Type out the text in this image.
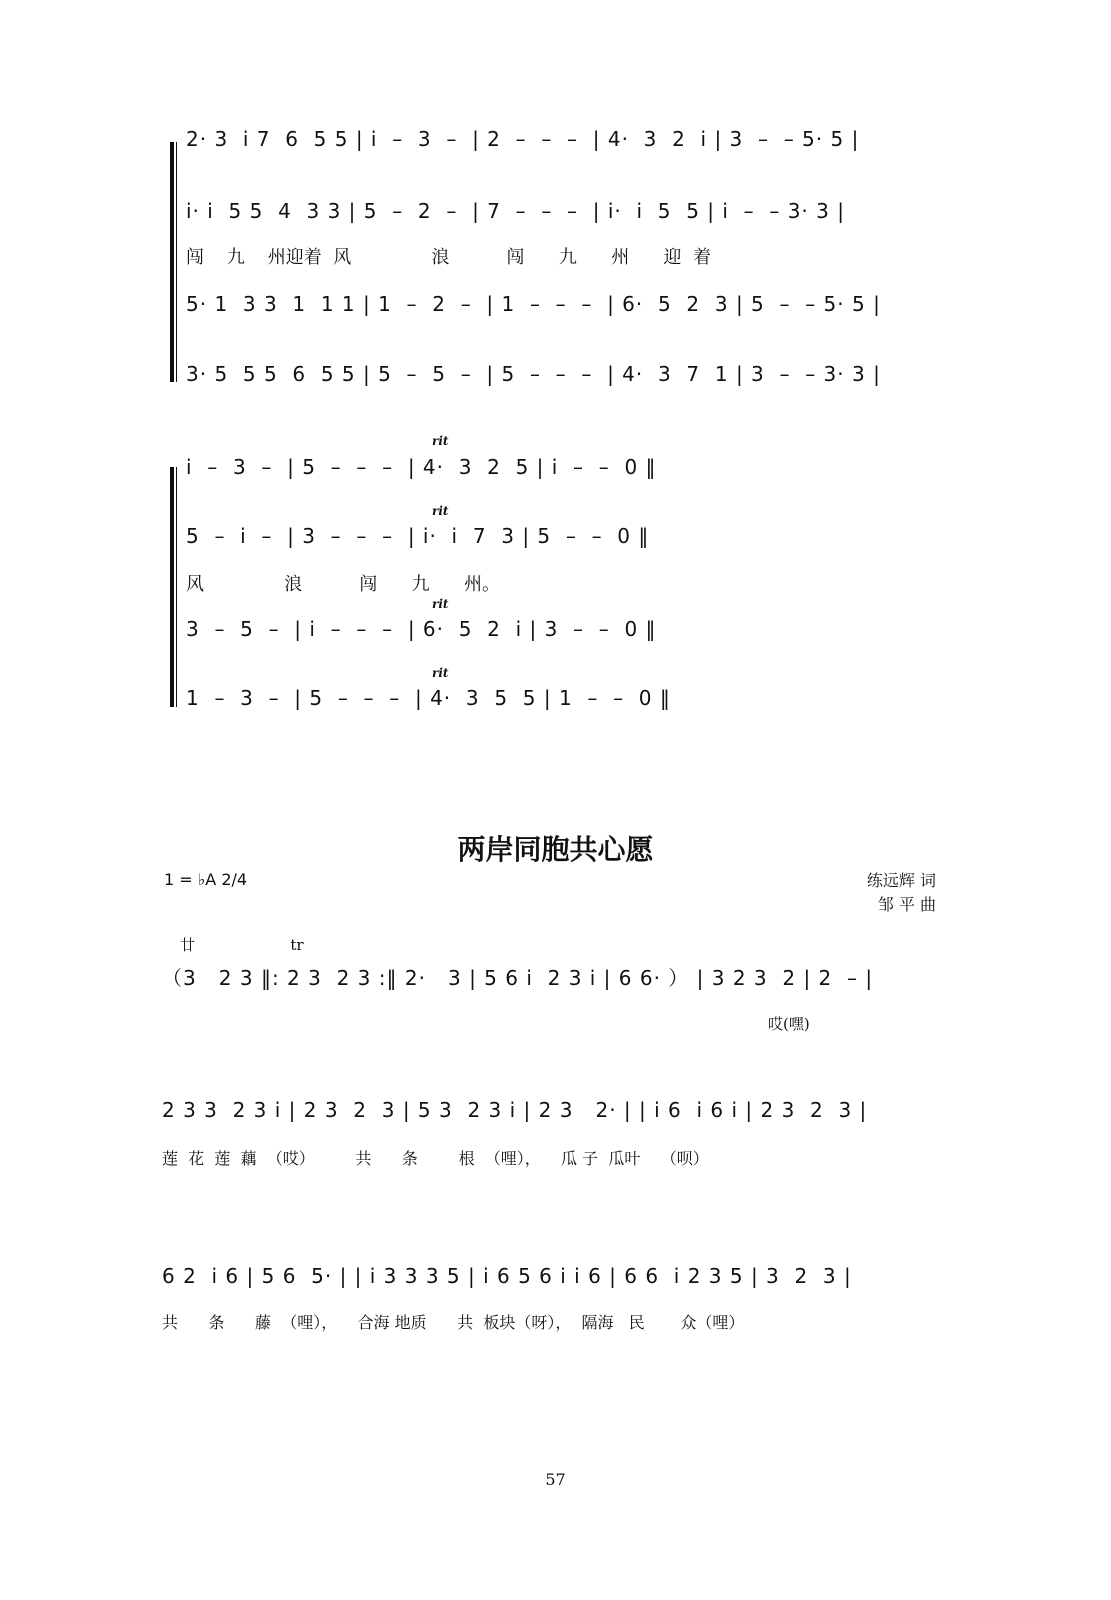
2· 3  i 7  6  5 5 | i  –  3  –  | 2  –  –  –  | 4·  3  2  i | 3  –  – 5· 5 |
i· i  5 5  4  3 3 | 5  –  2  –  | 7  –  –  –  | i·  i  5  5 | i  –  – 3· 3 |
闯    九    州迎着  风              浪          闯      九      州      迎  着
5· 1  3 3  1  1 1 | 1  –  2  –  | 1  –  –  –  | 6·  5  2  3 | 5  –  – 5· 5 |
3· 5  5 5  6  5 5 | 5  –  5  –  | 5  –  –  –  | 4·  3  7  1 | 3  –  – 3· 3 |
rit
i  –  3  –  | 5  –  –  –  | 4·  3  2  5 | i  –  –  0 ‖
rit
5  –  i  –  | 3  –  –  –  | i·  i  7  3 | 5  –  –  0 ‖
风              浪          闯      九      州。
rit
3  –  5  –  | i  –  –  –  | 6·  5  2  i | 3  –  –  0 ‖
rit
1  –  3  –  | 5  –  –  –  | 4·  3  5  5 | 1  –  –  0 ‖
两岸同胞共心愿
1 = ♭A 2/4	练远辉 词
邹 平 曲
廿                    tr
（3   2 3 ‖: 2 3  2 3 :‖ 2·   3 | 5 6 i  2 3 i | 6 6· ） | 3 2 3  2 | 2  – |
哎(嘿)
2 3 3  2 3 i | 2 3  2  3 | 5 3  2 3 i | 2 3   2· | | i 6  i 6 i | 2 3  2  3 |
莲  花  莲  藕  （哎）        共      条        根  （哩），    瓜 子  瓜叶    （呗）
6 2  i 6 | 5 6  5· | | i 3 3 3 5 | i 6 5 6 i i 6 | 6 6  i 2 3 5 | 3  2  3 |
共      条      藤  （哩），    合海 地质      共  板块（呀），  隔海   民       众（哩）
57
